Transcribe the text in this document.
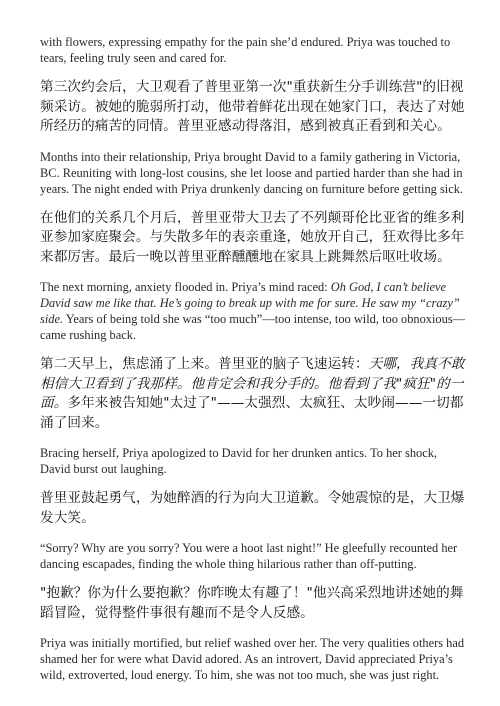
with flowers, expressing empathy for the pain she’d endured. Priya was touched to tears, feeling truly seen and cared for.

第三次约会后，大卫观看了普里亚第一次"重获新生分手训练营"的旧视频采访。被她的脆弱所打动，他带着鲜花出现在她家门口，表达了对她所经历的痛苦的同情。普里亚感动得落泪，感到被真正看到和关心。

Months into their relationship, Priya brought David to a family gathering in Victoria, BC. Reuniting with long-lost cousins, she let loose and partied harder than she had in years. The night ended with Priya drunkenly dancing on furniture before getting sick.

在他们的关系几个月后，普里亚带大卫去了不列颠哥伦比亚省的维多利亚参加家庭聚会。与失散多年的表亲重逢，她放开自己，狂欢得比多年来都厉害。最后一晚以普里亚醉醺醺地在家具上跳舞然后呕吐收场。

The next morning, anxiety flooded in. Priya’s mind raced: Oh God, I can’t believe David saw me like that. He’s going to break up with me for sure. He saw my “crazy” side. Years of being told she was “too much”—too intense, too wild, too obnoxious—came rushing back.

第二天早上，焦虑涌了上来。普里亚的脑子飞速运转：天哪，我真不敢相信大卫看到了我那样。他肯定会和我分手的。他看到了我"疯狂"的一面。多年来被告知她"太过了"——太强烈、太疯狂、太吵闹——一切都涌了回来。

Bracing herself, Priya apologized to David for her drunken antics. To her shock, David burst out laughing.

普里亚鼓起勇气，为她醉酒的行为向大卫道歉。令她震惊的是，大卫爆发大笑。

“Sorry? Why are you sorry? You were a hoot last night!” He gleefully recounted her dancing escapades, finding the whole thing hilarious rather than off-putting.

"抱歉？你为什么要抱歉？你昨晚太有趣了！"他兴高采烈地讲述她的舞蹈冒险，觉得整件事很有趣而不是令人反感。

Priya was initially mortified, but relief washed over her. The very qualities others had shamed her for were what David adored. As an introvert, David appreciated Priya’s wild, extroverted, loud energy. To him, she was not too much, she was just right.
